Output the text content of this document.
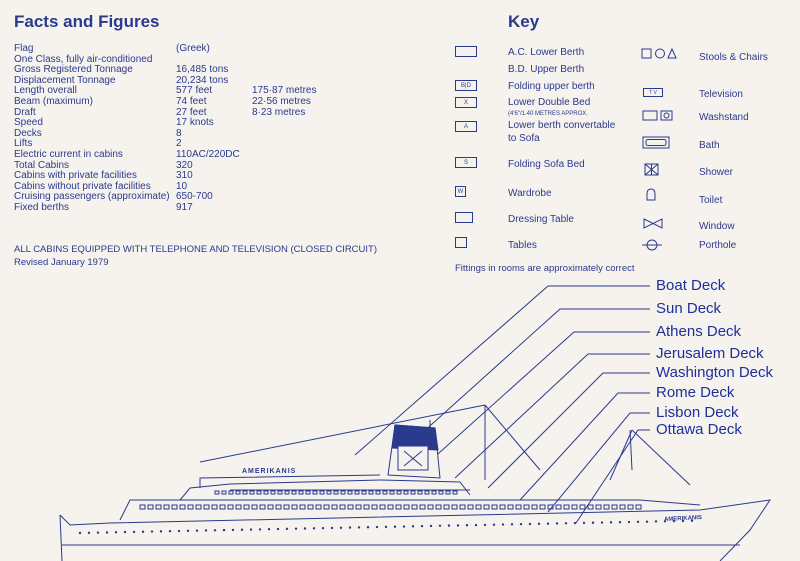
Facts and Figures
Flag	(Greek)
One Class, fully air-conditioned
Gross Registered Tonnage	16,485 tons
Displacement Tonnage	20,234 tons
Length overall	577 feet	175·87 metres
Beam (maximum)	74 feet	22·56 metres
Draft	27 feet	8·23 metres
Speed	17 knots
Decks	8
Lifts	2
Electric current in cabins	110AC/220DC
Total Cabins	320
Cabins with private facilities	310
Cabins without private facilities	10
Cruising passengers (approximate) 650-700
Fixed berths	917
ALL CABINS EQUIPPED WITH TELEPHONE AND TELEVISION (CLOSED CIRCUIT)
Revised January 1979
Key
B|D
X
A
S
W
A.C. Lower Berth
B.D. Upper Berth
Folding upper berth
Lower Double Bed
(4'6"/1.40 METRES APPROX.
Lower berth convertable
to Sofa
Folding Sofa Bed
Wardrobe
Dressing Table
Tables
T V
Stools & Chairs
Television
Washstand
Bath
Shower
Toilet
Window
Porthole
Fittings in rooms are approximately correct
AMERIKANIS
AMERIKANIS
Boat Deck
Sun Deck
Athens Deck
Jerusalem Deck
Washington Deck
Rome Deck
Lisbon Deck
Ottawa Deck
